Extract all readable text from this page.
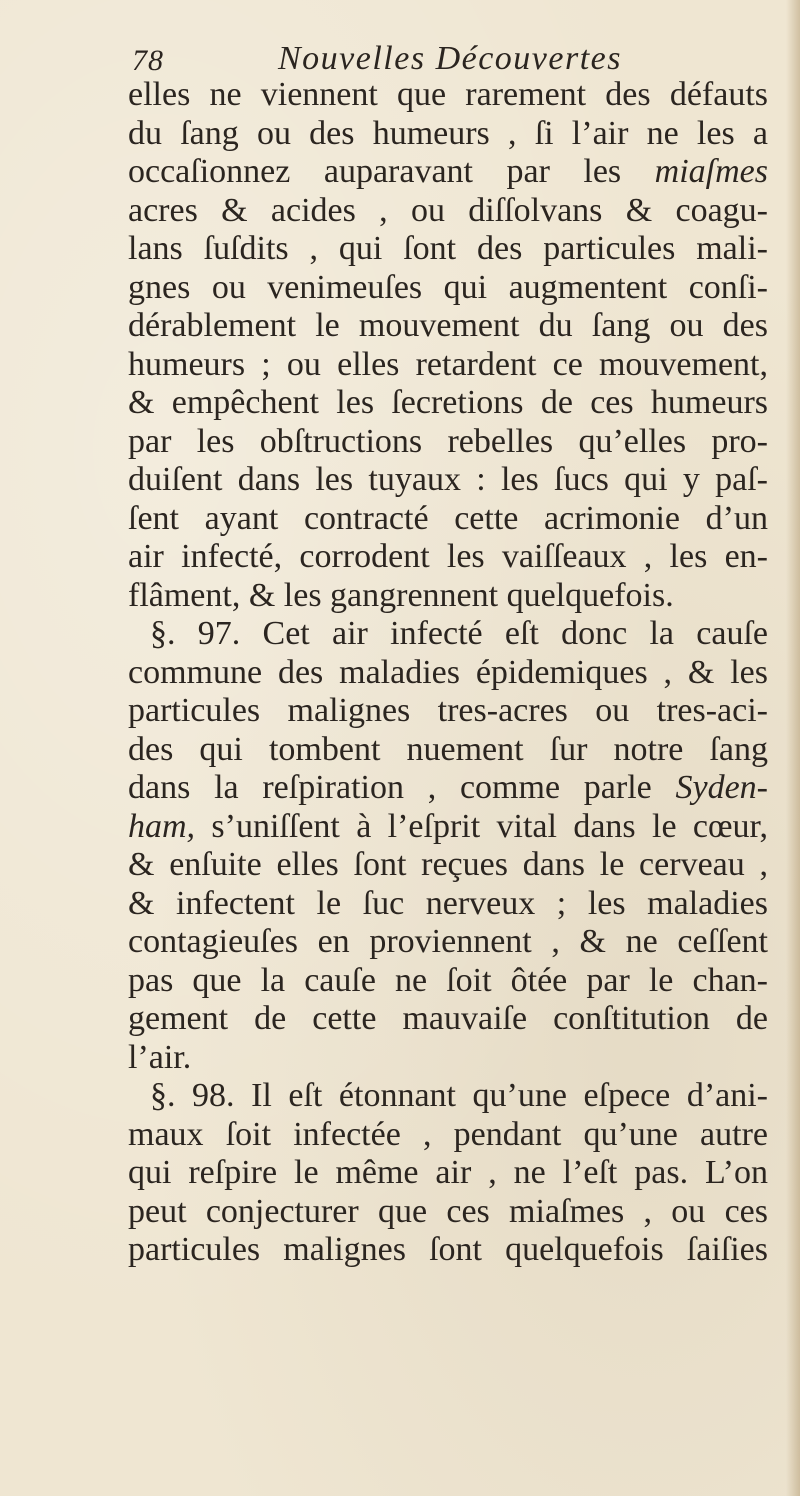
78	Nouvelles Découvertes
elles ne viennent que rarement des défauts
du ſang ou des humeurs , ſi l’air ne les a
occaſionnez auparavant par les miaſmes
acres & acides , ou diſſolvans & coagu-
lans ſuſdits , qui ſont des particules mali-
gnes ou venimeuſes qui augmentent conſi-
dérablement le mouvement du ſang ou des
humeurs ; ou elles retardent ce mouvement,
& empêchent les ſecretions de ces humeurs
par les obſtructions rebelles qu’elles pro-
duiſent dans les tuyaux : les ſucs qui y paſ-
ſent ayant contracté cette acrimonie d’un
air infecté, corrodent les vaiſſeaux , les en-
flâment, & les gangrennent quelquefois.
§. 97. Cet air infecté eſt donc la cauſe
commune des maladies épidemiques , & les
particules malignes tres-acres ou tres-aci-
des qui tombent nuement ſur notre ſang
dans la reſpiration , comme parle Syden-
ham, s’uniſſent à l’eſprit vital dans le cœur,
& enſuite elles ſont reçues dans le cerveau ,
& infectent le ſuc nerveux ; les maladies
contagieuſes en proviennent , & ne ceſſent
pas que la cauſe ne ſoit ôtée par le chan-
gement de cette mauvaiſe conſtitution de
l’air.
§. 98. Il eſt étonnant qu’une eſpece d’ani-
maux ſoit infectée , pendant qu’une autre
qui reſpire le même air , ne l’eſt pas. L’on
peut conjecturer que ces miaſmes , ou ces
particules malignes ſont quelquefois ſaiſies
